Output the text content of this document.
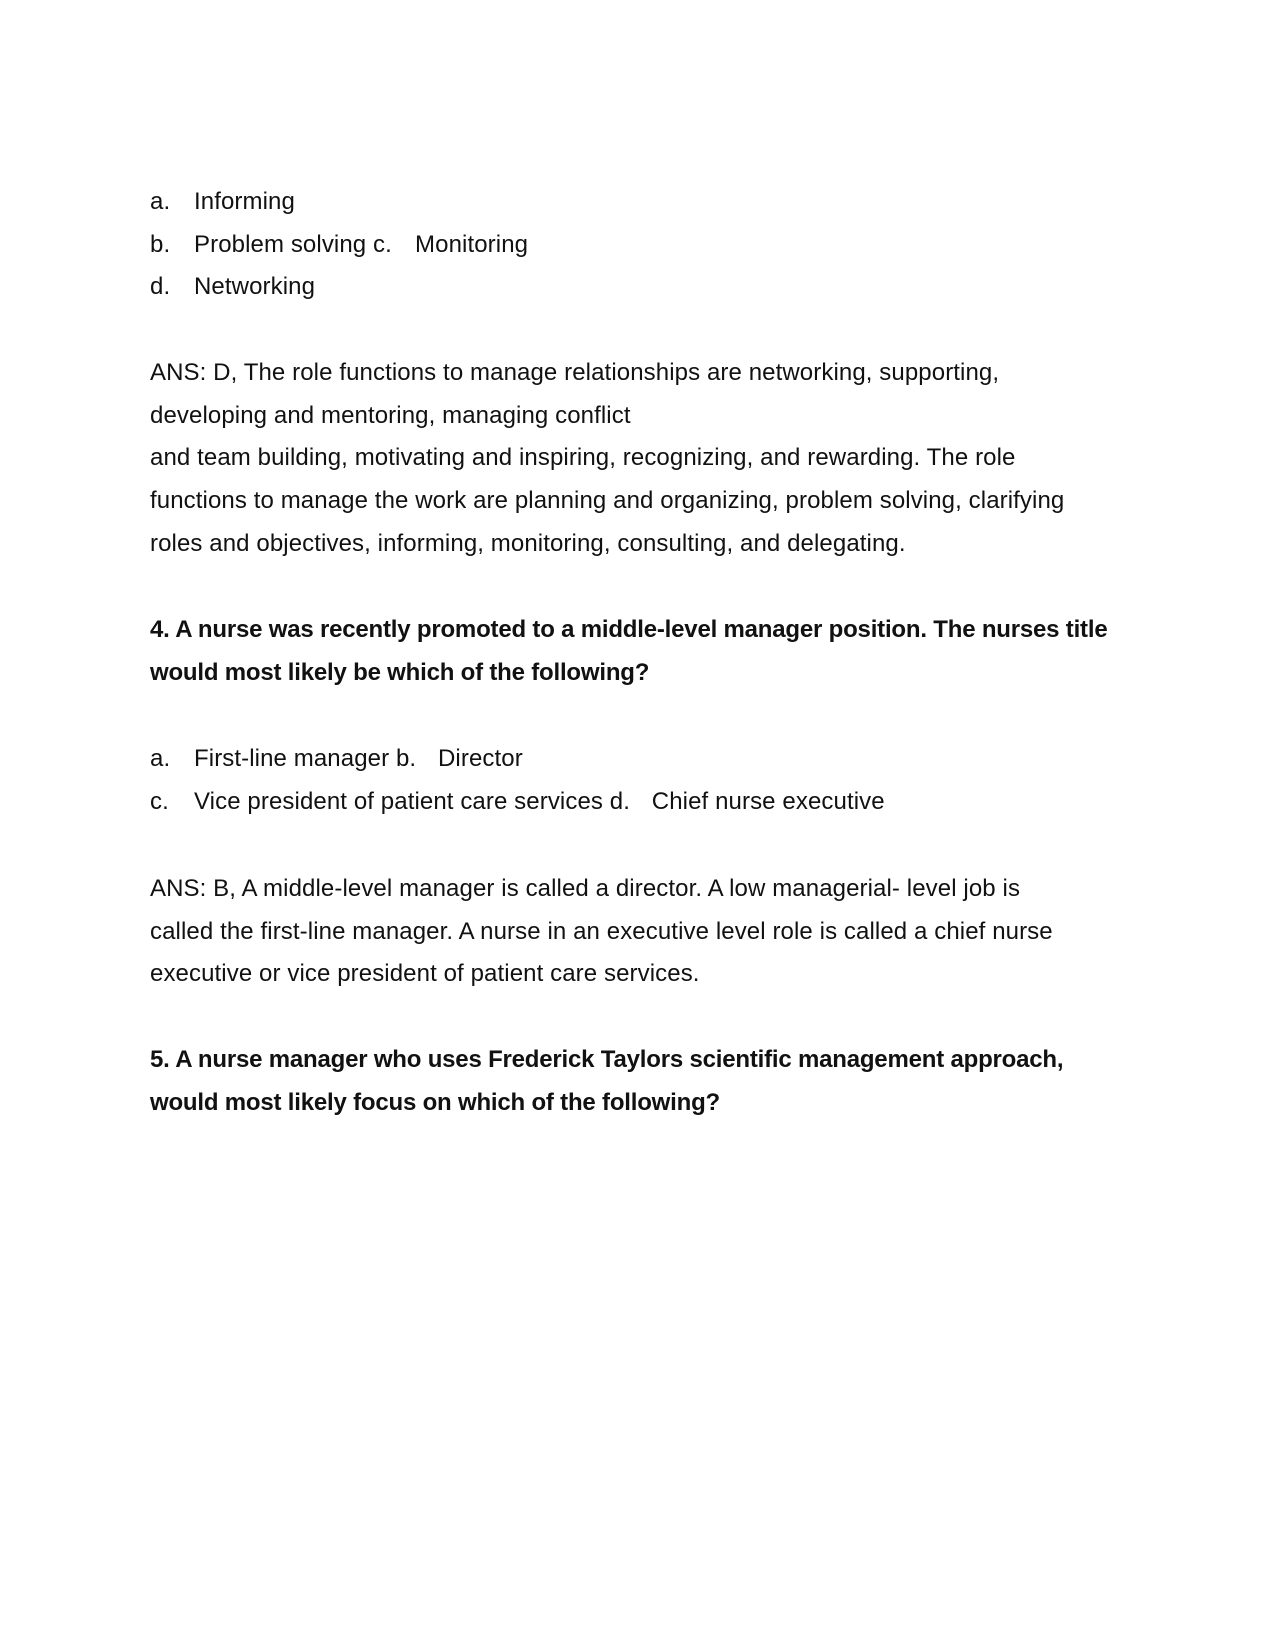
a. Informing
b. Problem solving c. Monitoring
d. Networking
ANS: D, The role functions to manage relationships are networking, supporting,
developing and mentoring, managing conflict
and team building, motivating and inspiring, recognizing, and rewarding. The role
functions to manage the work are planning and organizing, problem solving, clarifying
roles and objectives, informing, monitoring, consulting, and delegating.
4. A nurse was recently promoted to a middle-level manager position. The nurses title
would most likely be which of the following?
a. First-line manager b. Director
c. Vice president of patient care services d. Chief nurse executive
ANS: B, A middle-level manager is called a director. A low managerial- level job is
called the first-line manager. A nurse in an executive level role is called a chief nurse
executive or vice president of patient care services.
5. A nurse manager who uses Frederick Taylors scientific management approach,
would most likely focus on which of the following?
